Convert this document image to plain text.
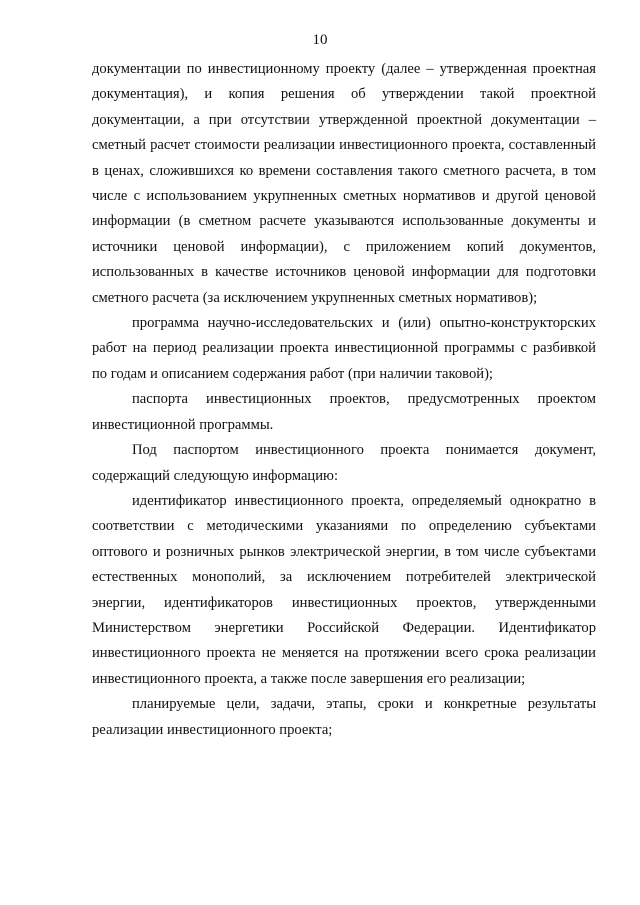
10

документации по инвестиционному проекту (далее – утвержденная проектная документация), и копия решения об утверждении такой проектной документации, а при отсутствии утвержденной проектной документации – сметный расчет стоимости реализации инвестиционного проекта, составленный в ценах, сложившихся ко времени составления такого сметного расчета, в том числе с использованием укрупненных сметных нормативов и другой ценовой информации (в сметном расчете указываются использованные документы и источники ценовой информации), с приложением копий документов, использованных в качестве источников ценовой информации для подготовки сметного расчета (за исключением укрупненных сметных нормативов);

программа научно-исследовательских и (или) опытно-конструкторских работ на период реализации проекта инвестиционной программы с разбивкой по годам и описанием содержания работ (при наличии таковой);

паспорта инвестиционных проектов, предусмотренных проектом инвестиционной программы.

Под паспортом инвестиционного проекта понимается документ, содержащий следующую информацию:

идентификатор инвестиционного проекта, определяемый однократно в соответствии с методическими указаниями по определению субъектами оптового и розничных рынков электрической энергии, в том числе субъектами естественных монополий, за исключением потребителей электрической энергии, идентификаторов инвестиционных проектов, утвержденными Министерством энергетики Российской Федерации. Идентификатор инвестиционного проекта не меняется на протяжении всего срока реализации инвестиционного проекта, а также после завершения его реализации;

планируемые цели, задачи, этапы, сроки и конкретные результаты реализации инвестиционного проекта;
